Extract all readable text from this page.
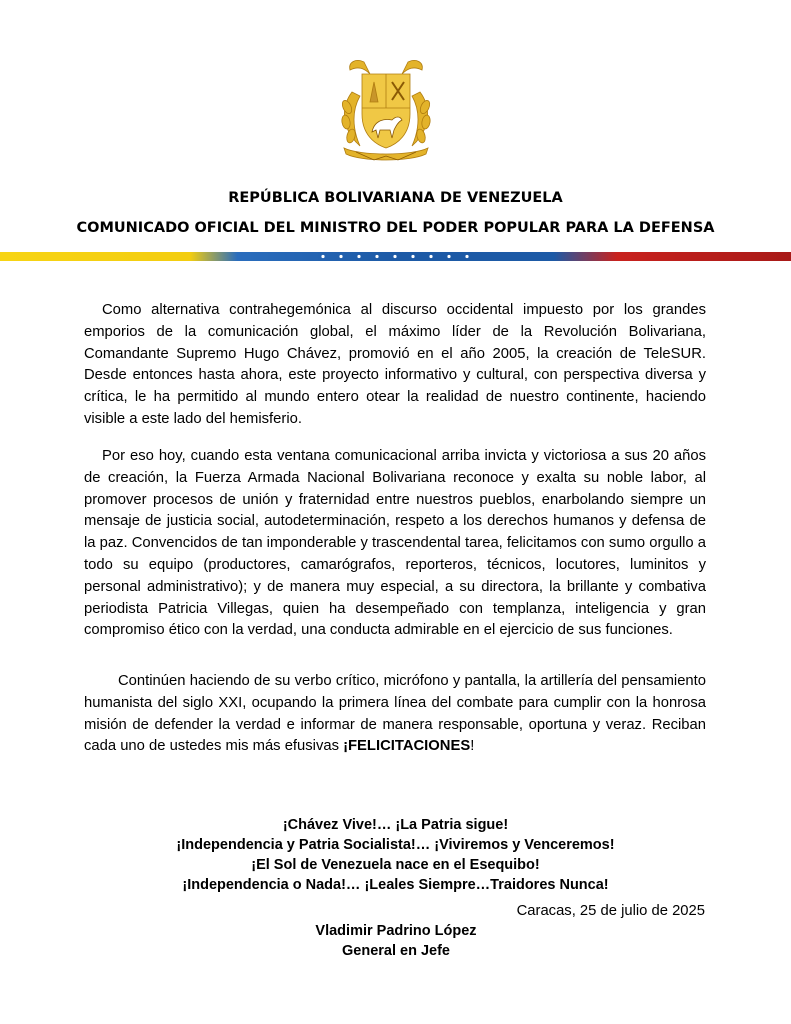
REPÚBLICA BOLIVARIANA DE VENEZUELA

COMUNICADO OFICIAL DEL MINISTRO DEL PODER POPULAR PARA LA DEFENSA

Como alternativa contrahegemónica al discurso occidental impuesto por los grandes emporios de la comunicación global, el máximo líder de la Revolución Bolivariana, Comandante Supremo Hugo Chávez, promovió en el año 2005, la creación de TeleSUR. Desde entonces hasta ahora, este proyecto informativo y cultural, con perspectiva diversa y crítica, le ha permitido al mundo entero otear la realidad de nuestro continente, haciendo visible a este lado del hemisferio.

Por eso hoy, cuando esta ventana comunicacional arriba invicta y victoriosa a sus 20 años de creación, la Fuerza Armada Nacional Bolivariana reconoce y exalta su noble labor, al promover procesos de unión y fraternidad entre nuestros pueblos, enarbolando siempre un mensaje de justicia social, autodeterminación, respeto a los derechos humanos y defensa de la paz. Convencidos de tan imponderable y trascendental tarea, felicitamos con sumo orgullo a todo su equipo (productores, camarógrafos, reporteros, técnicos, locutores, luminitos y personal administrativo); y de manera muy especial, a su directora, la brillante y combativa periodista Patricia Villegas, quien ha desempeñado con templanza, inteligencia y gran compromiso ético con la verdad, una conducta admirable en el ejercicio de sus funciones.

Continúen haciendo de su verbo crítico, micrófono y pantalla, la artillería del pensamiento humanista del siglo XXI, ocupando la primera línea del combate para cumplir con la honrosa misión de defender la verdad e informar de manera responsable, oportuna y veraz. Reciban cada uno de ustedes mis más efusivas ¡FELICITACIONES!

¡Chávez Vive!… ¡La Patria sigue!
¡Independencia y Patria Socialista!… ¡Viviremos y Venceremos!
¡El Sol de Venezuela nace en el Esequibo!
¡Independencia o Nada!… ¡Leales Siempre…Traidores Nunca!
Caracas, 25 de julio de 2025
Vladimir Padrino López
General en Jefe
